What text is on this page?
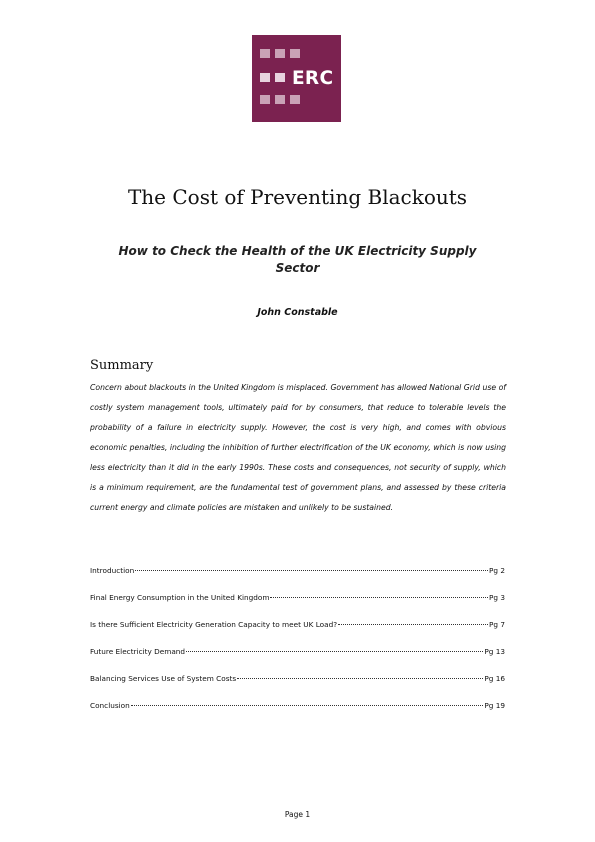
ERC
The Cost of Preventing Blackouts
How to Check the Health of the UK Electricity Supply Sector
John Constable
Summary
Concern about blackouts in the United Kingdom is misplaced. Government has allowed National Grid use of costly system management tools, ultimately paid for by consumers, that reduce to tolerable levels the probability of a failure in electricity supply. However, the cost is very high, and comes with obvious economic penalties, including the inhibition of further electrification of the UK economy, which is now using less electricity than it did in the early 1990s. These costs and consequences, not security of supply, which is a minimum requirement, are the fundamental test of government plans, and assessed by these criteria current energy and climate policies are mistaken and unlikely to be sustained.
Introduction	Pg 2
Final Energy Consumption in the United Kingdom	Pg 3
Is there Sufficient Electricity Generation Capacity to meet UK Load?	Pg 7
Future Electricity Demand	Pg 13
Balancing Services Use of System Costs	Pg 16
Conclusion	Pg 19
Page 1
